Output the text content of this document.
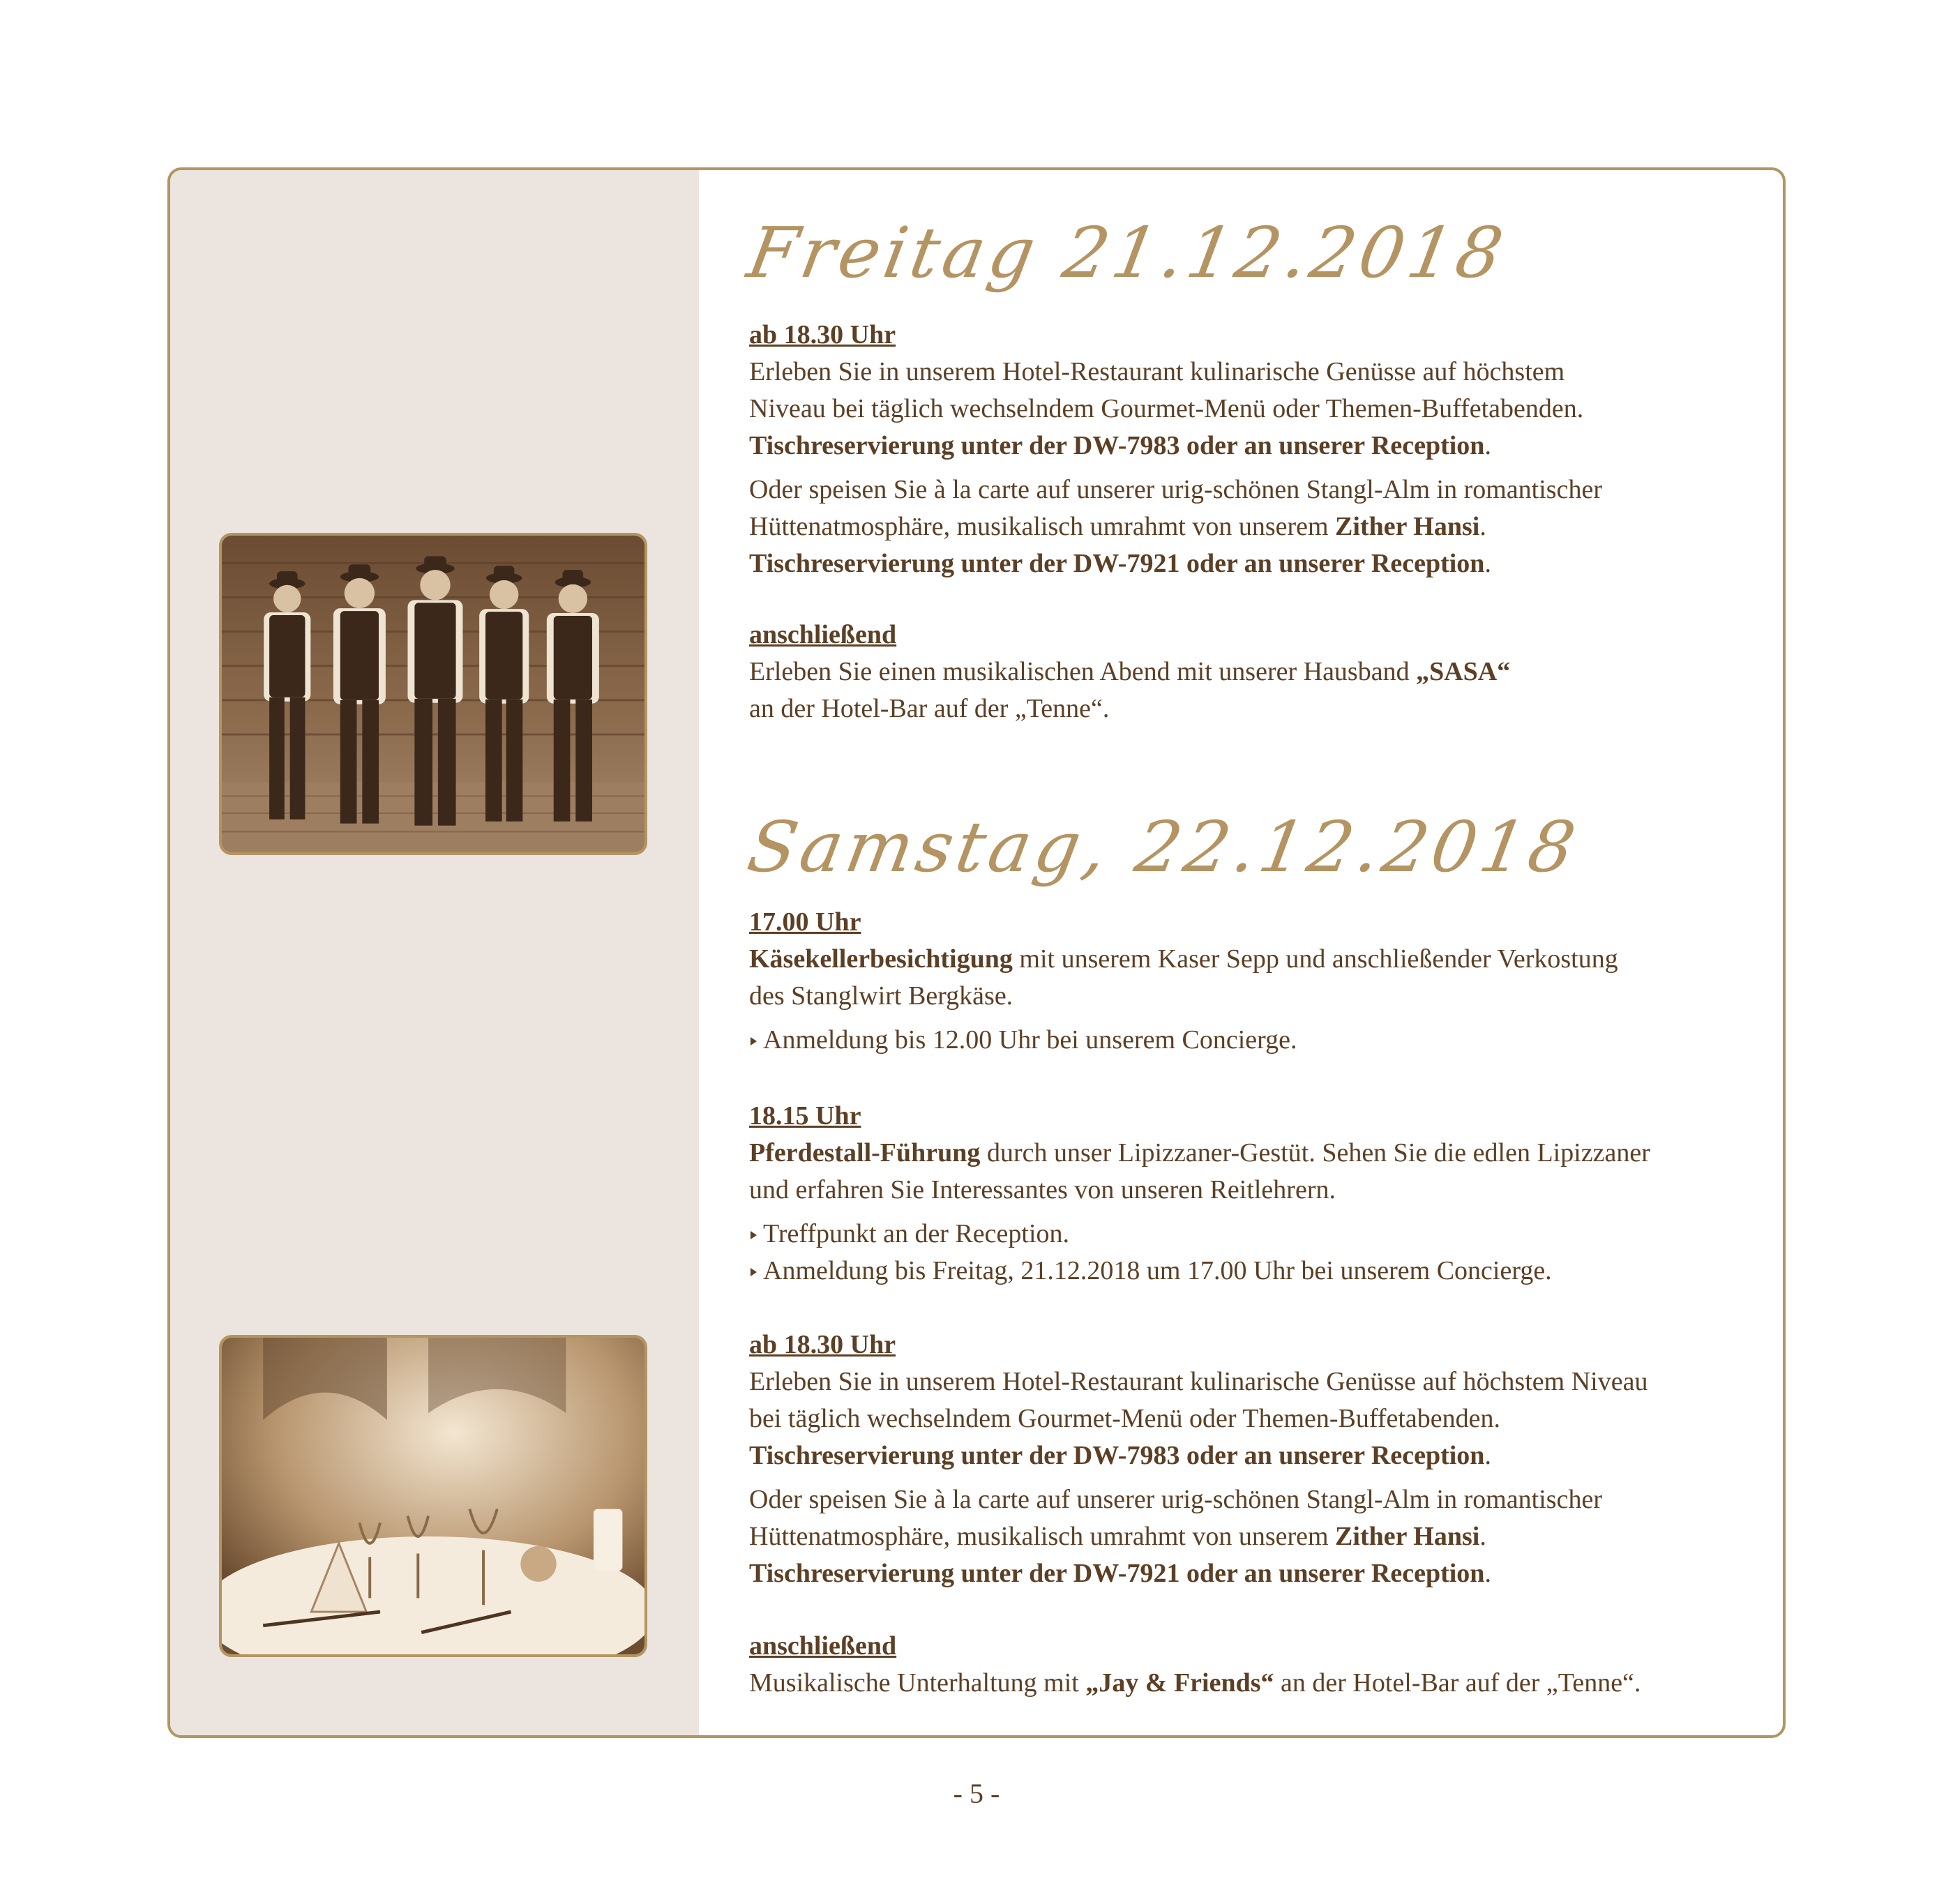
Freitag 21.12.2018

ab 18.30 Uhr

Erleben Sie in unserem Hotel-Restaurant kulinarische Genüsse auf höchstem

Niveau bei täglich wechselndem Gourmet-Menü oder Themen-Buffetabenden.

Tischreservierung unter der DW-7983 oder an unserer Reception.

Oder speisen Sie à la carte auf unserer urig-schönen Stangl-Alm in romantischer

Hüttenatmosphäre, musikalisch umrahmt von unserem Zither Hansi.

Tischreservierung unter der DW-7921 oder an unserer Reception.

anschließend

Erleben Sie einen musikalischen Abend mit unserer Hausband „SASA“

an der Hotel-Bar auf der „Tenne“.

Samstag, 22.12.2018

17.00 Uhr

Käsekellerbesichtigung mit unserem Kaser Sepp und anschließender Verkostung

des Stanglwirt Bergkäse.

Anmeldung bis 12.00 Uhr bei unserem Concierge.

18.15 Uhr

Pferdestall-Führung durch unser Lipizzaner-Gestüt. Sehen Sie die edlen Lipizzaner

und erfahren Sie Interessantes von unseren Reitlehrern.

Treffpunkt an der Reception.

Anmeldung bis Freitag, 21.12.2018 um 17.00 Uhr bei unserem Concierge.

ab 18.30 Uhr

Erleben Sie in unserem Hotel-Restaurant kulinarische Genüsse auf höchstem Niveau

bei täglich wechselndem Gourmet-Menü oder Themen-Buffetabenden.

Tischreservierung unter der DW-7983 oder an unserer Reception.

Oder speisen Sie à la carte auf unserer urig-schönen Stangl-Alm in romantischer

Hüttenatmosphäre, musikalisch umrahmt von unserem Zither Hansi.

Tischreservierung unter der DW-7921 oder an unserer Reception.

anschließend

Musikalische Unterhaltung mit „Jay & Friends“ an der Hotel-Bar auf der „Tenne“.

- 5 -
